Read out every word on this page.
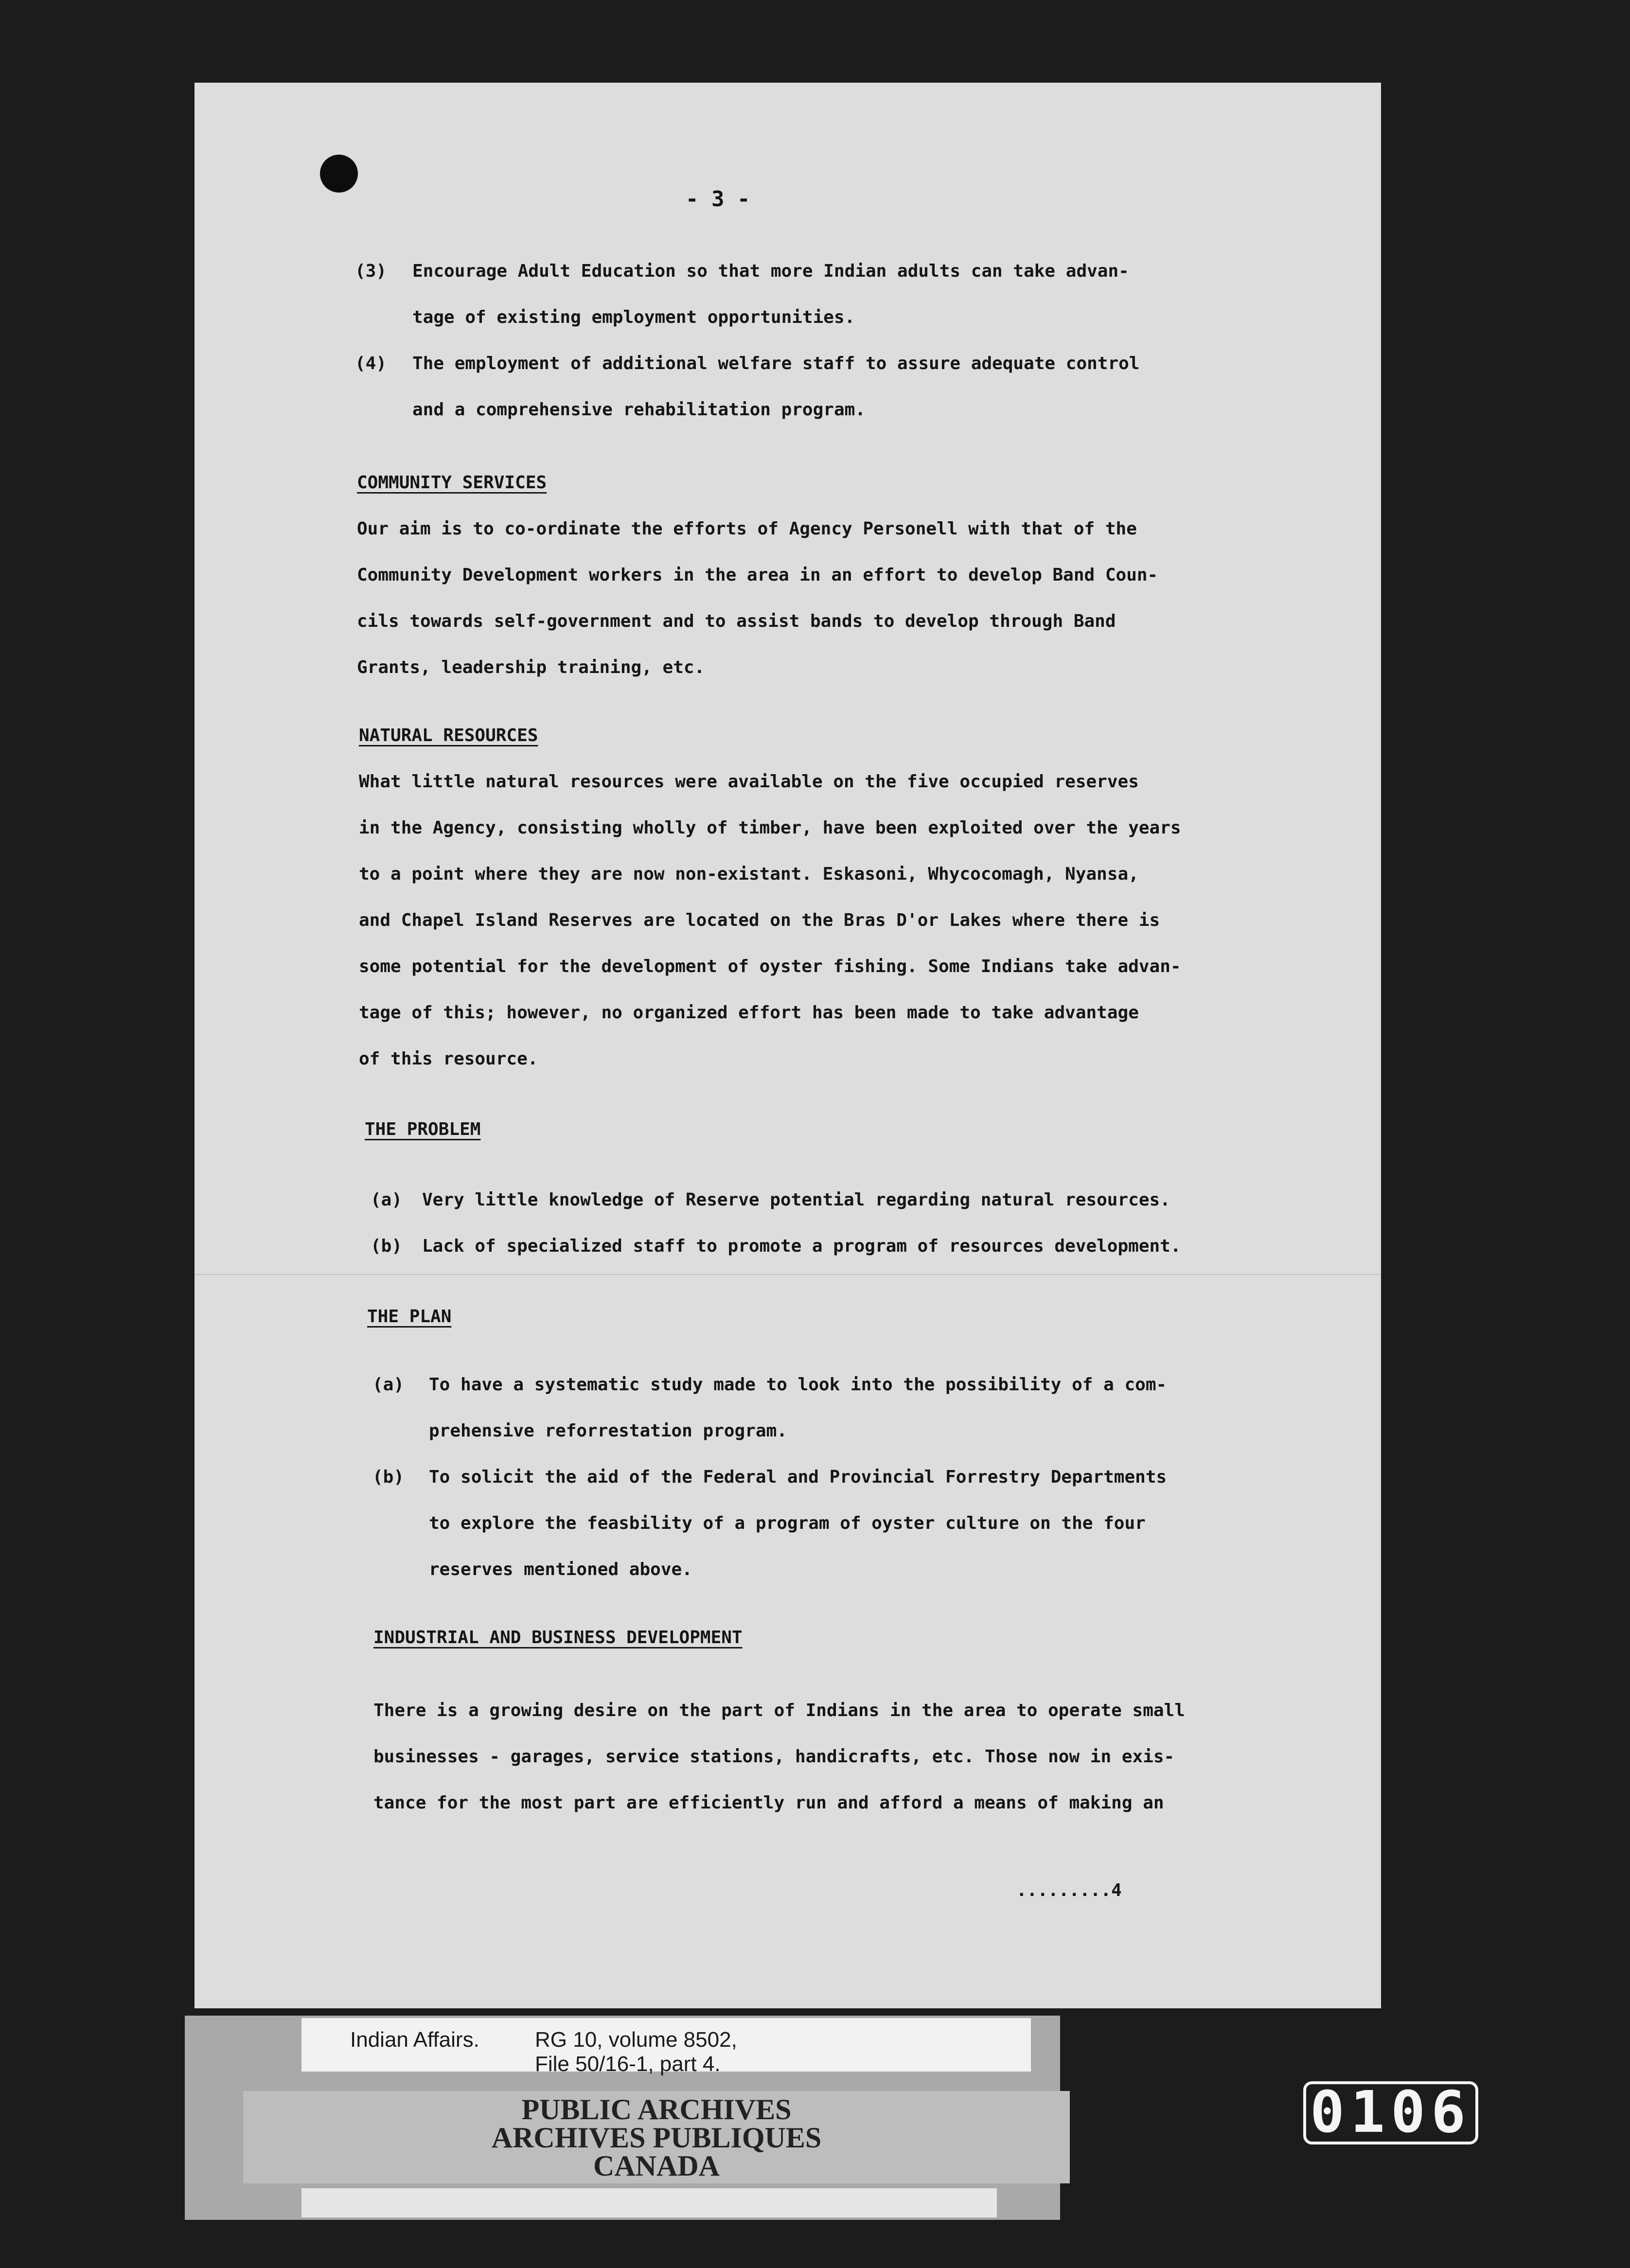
- 3 -

(3) Encourage Adult Education so that more Indian adults can take advan-

tage of existing employment opportunities.

(4) The employment of additional welfare staff to assure adequate control

and a comprehensive rehabilitation program.

COMMUNITY SERVICES

Our aim is to co-ordinate the efforts of Agency Personell with that of the

Community Development workers in the area in an effort to develop Band Coun-

cils towards self-government and to assist bands to develop through Band

Grants, leadership training, etc.

NATURAL RESOURCES

What little natural resources were available on the five occupied reserves

in the Agency, consisting wholly of timber, have been exploited over the years

to a point where they are now non-existant. Eskasoni, Whycocomagh, Nyansa,

and Chapel Island Reserves are located on the Bras D'or Lakes where there is

some potential for the development of oyster fishing. Some Indians take advan-

tage of this; however, no organized effort has been made to take advantage

of this resource.

THE PROBLEM

(a) Very little knowledge of Reserve potential regarding natural resources.

(b) Lack of specialized staff to promote a program of resources development.

THE PLAN

(a) To have a systematic study made to look into the possibility of a com-

prehensive reforrestation program.

(b) To solicit the aid of the Federal and Provincial Forrestry Departments

to explore the feasbility of a program of oyster culture on the four

reserves mentioned above.

INDUSTRIAL AND BUSINESS DEVELOPMENT

There is a growing desire on the part of Indians in the area to operate small

businesses - garages, service stations, handicrafts, etc. Those now in exis-

tance for the most part are efficiently run and afford a means of making an

.........4

Indian Affairs.	RG 10, volume 8502,
File 50/16-1, part 4.
PUBLIC ARCHIVES
ARCHIVES PUBLIQUES
CANADA
0106
